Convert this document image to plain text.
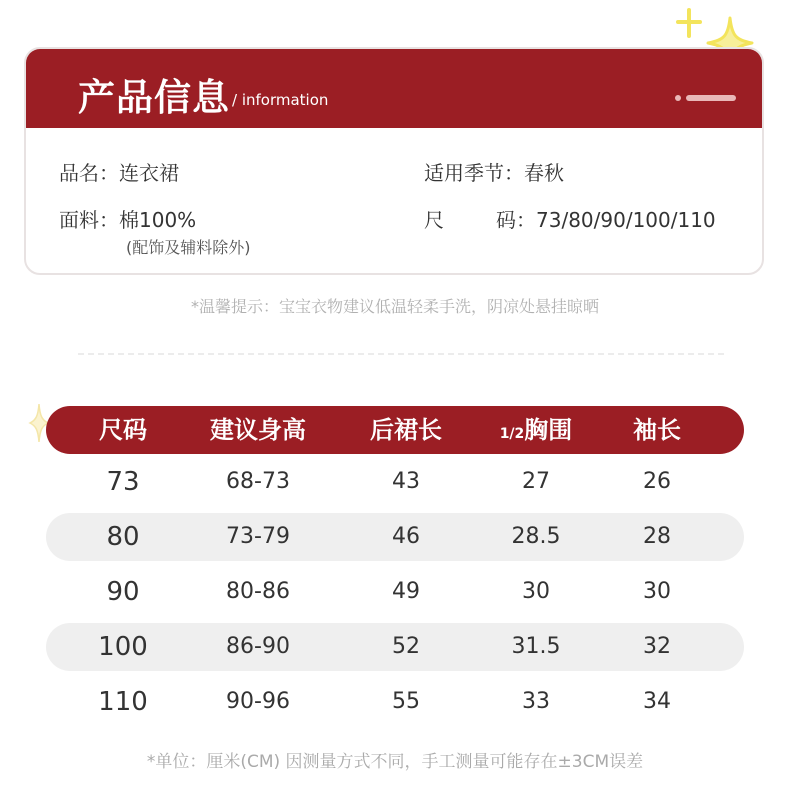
产品信息 / information
品名：连衣裙	适用季节：春秋
面料：棉100%
(配饰及辅料除外)
尺	码：73/80/90/100/110
*温馨提示：宝宝衣物建议低温轻柔手洗，阴凉处悬挂晾晒
尺码	建议身高	后裙长	1/2胸围	袖长
73	68-73	43	27	26
80	73-79	46	28.5	28
90	80-86	49	30	30
100	86-90	52	31.5	32
110	90-96	55	33	34
*单位：厘米(CM) 因测量方式不同，手工测量可能存在±3CM误差
